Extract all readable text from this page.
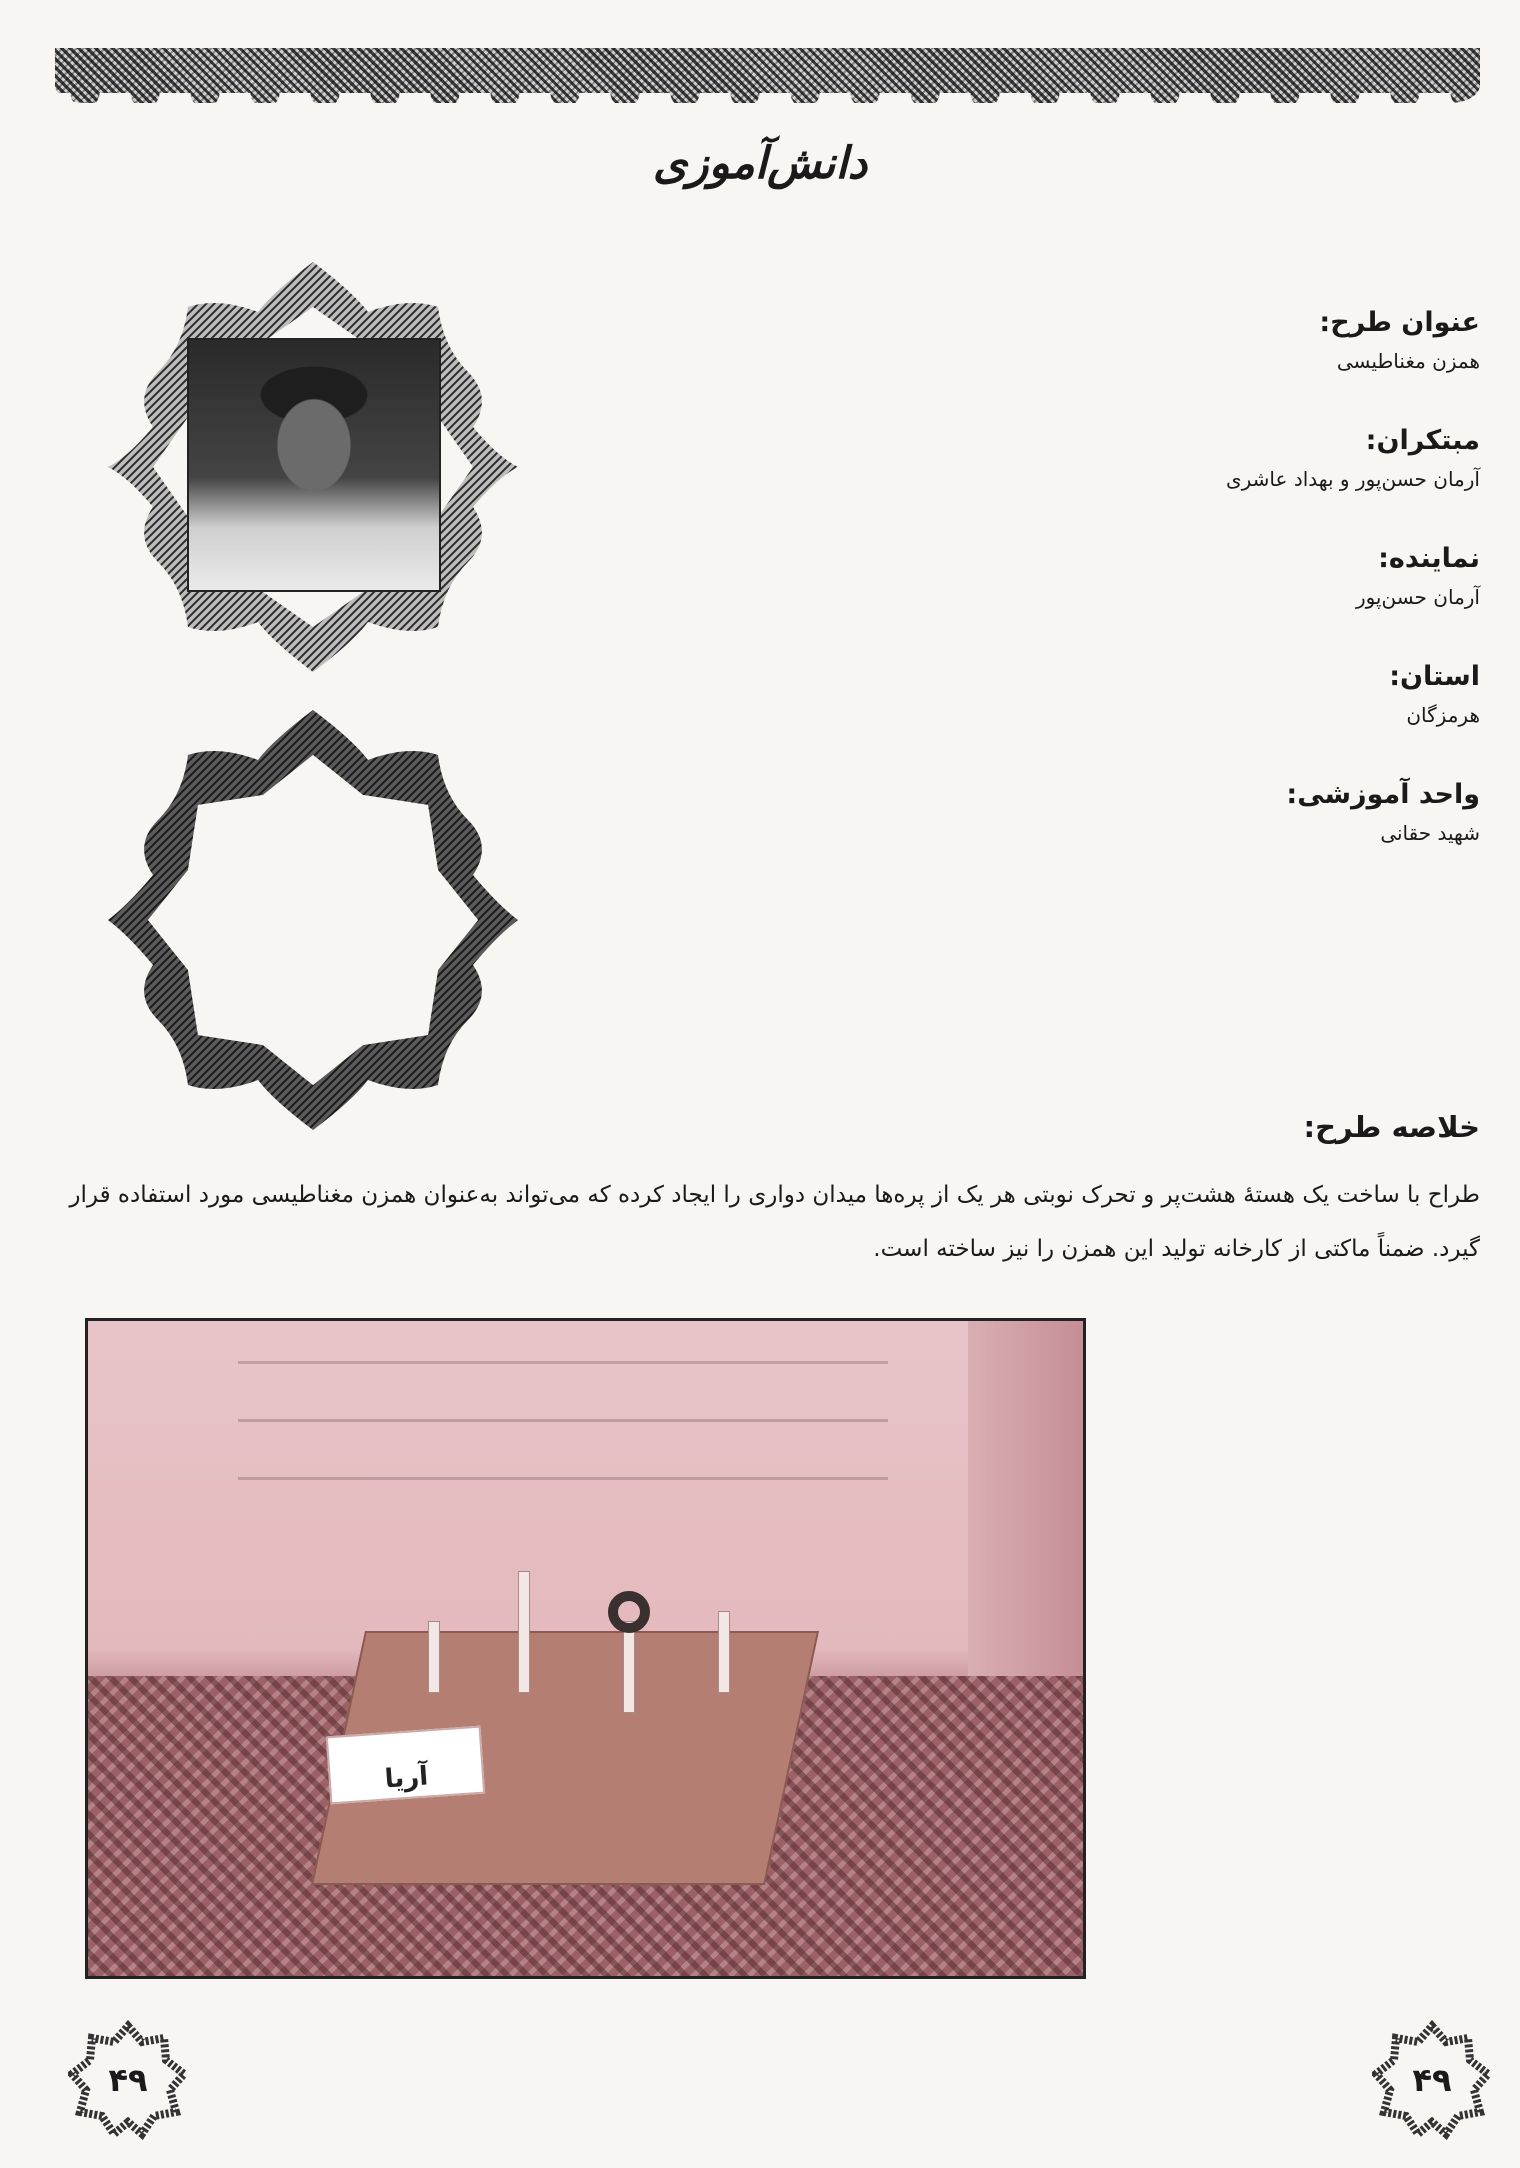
دانش‌آموزی

عنوان طرح:

همزن مغناطیسی

مبتکران:

آرمان حسن‌پور و بهداد عاشری

نماینده:

آرمان حسن‌پور

استان:

هرمزگان

واحد آموزشی:

شهید حقانی

خلاصه طرح:
طراح با ساخت یک هستهٔ هشت‌پر و تحرک نوبتی هر یک از پره‌ها میدان دواری را ایجاد کرده که می‌تواند به‌عنوان همزن مغناطیسی مورد استفاده قرار گیرد. ضمناً ماکتی از کارخانه تولید این همزن را نیز ساخته است.
آریا
۴۹	۴۹
